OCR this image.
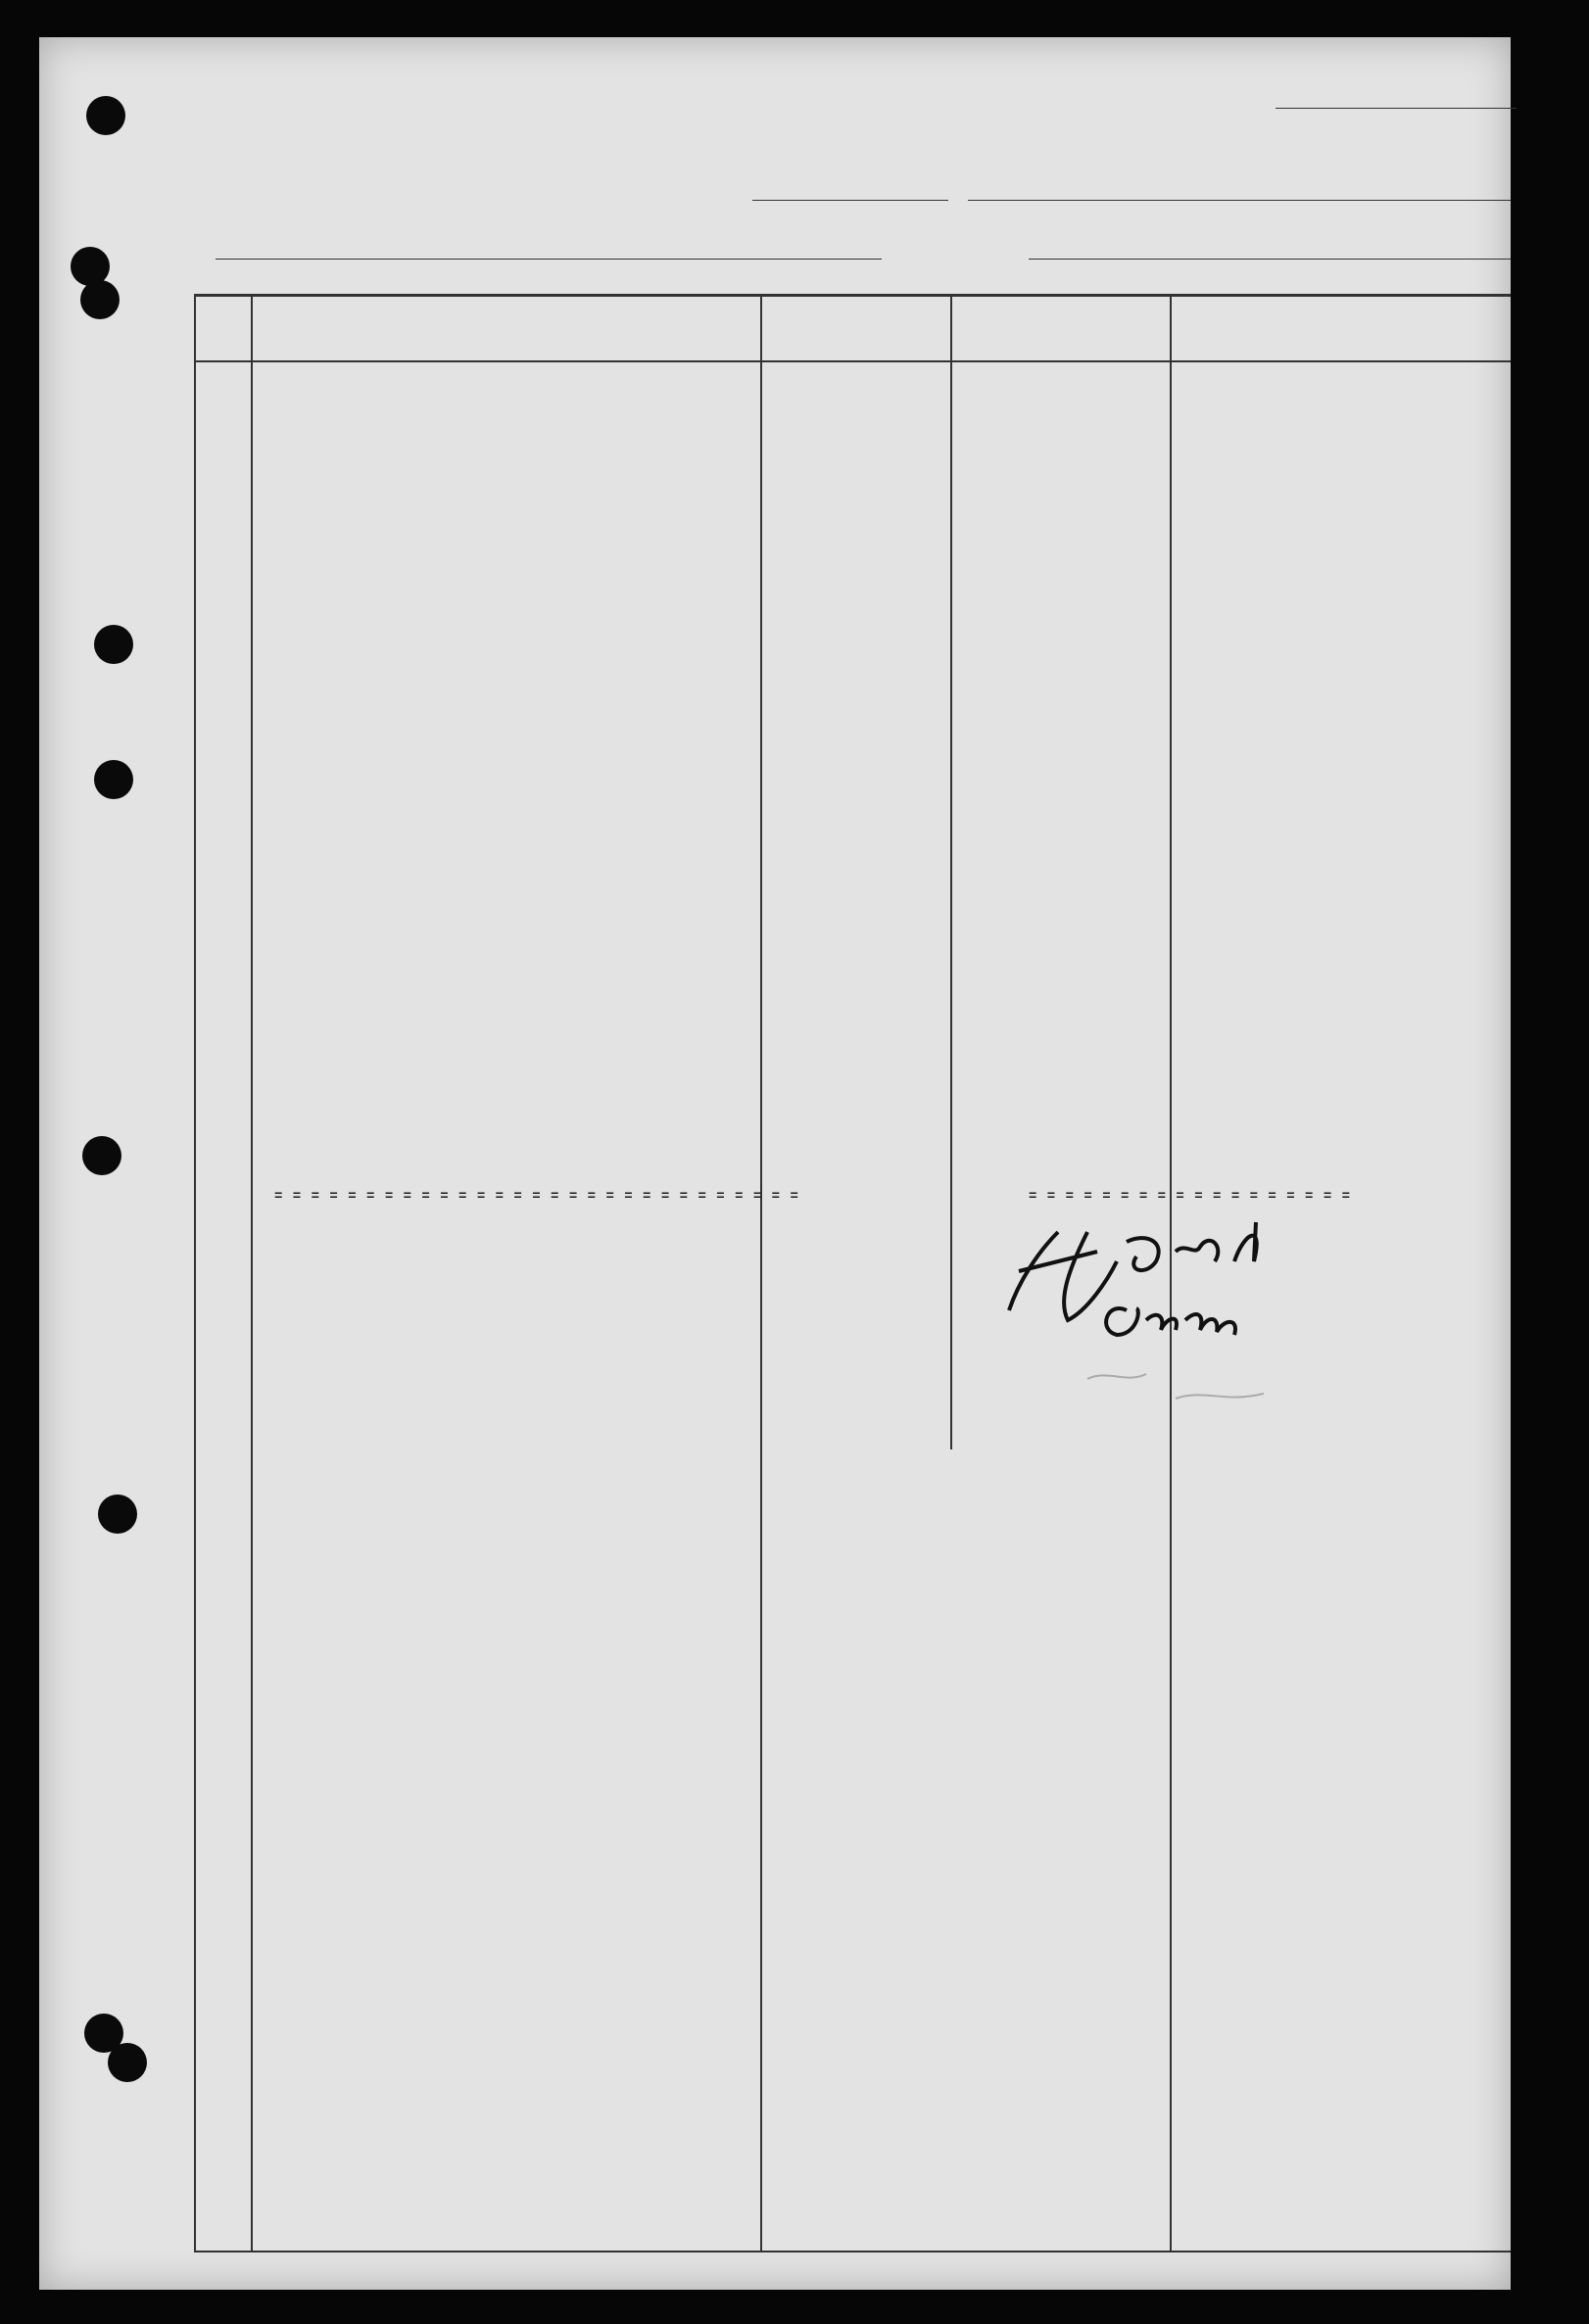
= = = = = = = = = = = = = = = = = = = = = = = = = = = = =	= = = = = = = = = = = = = = = = = =
